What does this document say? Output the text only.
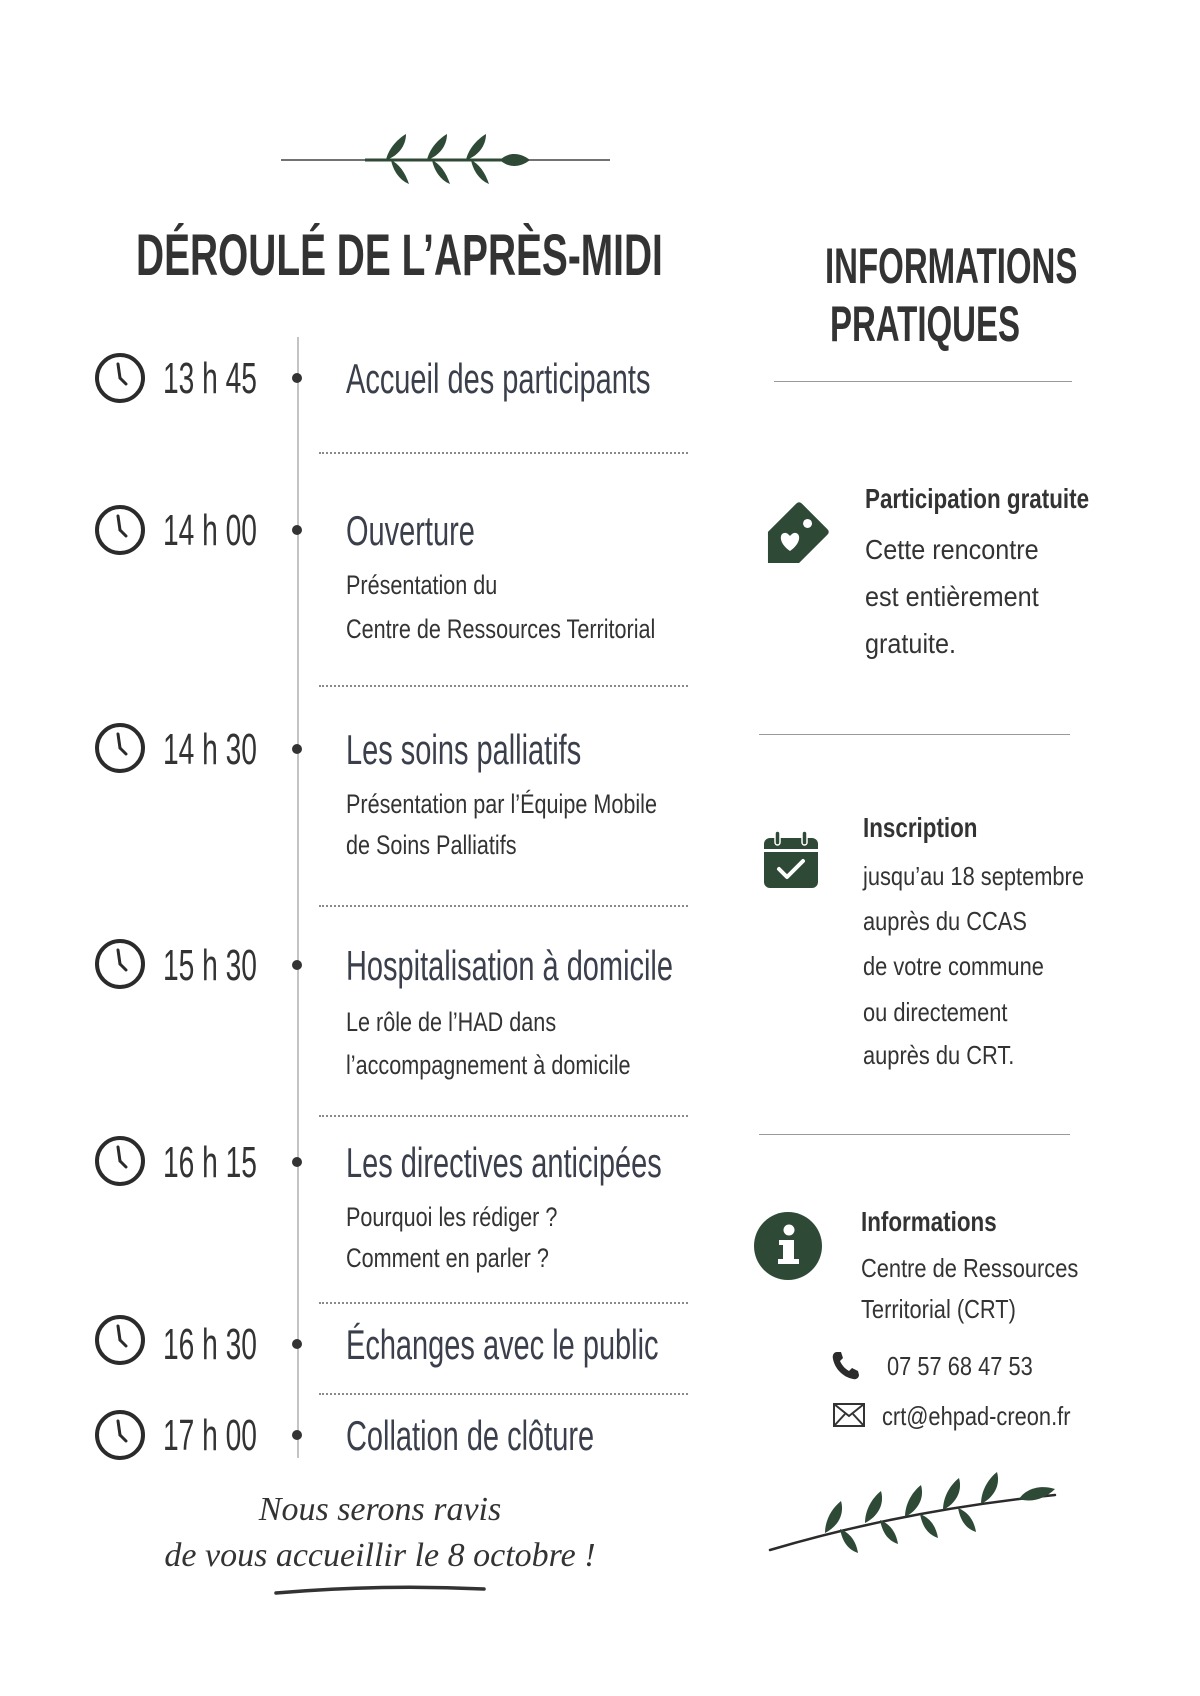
DÉROULÉ DE L’APRÈS-MIDI	INFORMATIONS
PRATIQUES
13 h 45	Accueil des participants
14 h 00	Ouverture
Présentation du
Centre de Ressources Territorial
14 h 30	Les soins palliatifs
Présentation par l’Équipe Mobile
de Soins Palliatifs
15 h 30	Hospitalisation à domicile
Le rôle de l’HAD dans
l’accompagnement à domicile
16 h 15	Les directives anticipées
Pourquoi les rédiger ?
Comment en parler ?
16 h 30	Échanges avec le public
17 h 00	Collation de clôture
Nous serons ravis
de vous accueillir le 8 octobre !
Participation gratuite
Cette rencontre
est entièrement
gratuite.
Inscription
jusqu’au 18 septembre
auprès du CCAS
de votre commune
ou directement
auprès du CRT.
Informations
Centre de Ressources
Territorial (CRT)
07 57 68 47 53
crt@ehpad-creon.fr
